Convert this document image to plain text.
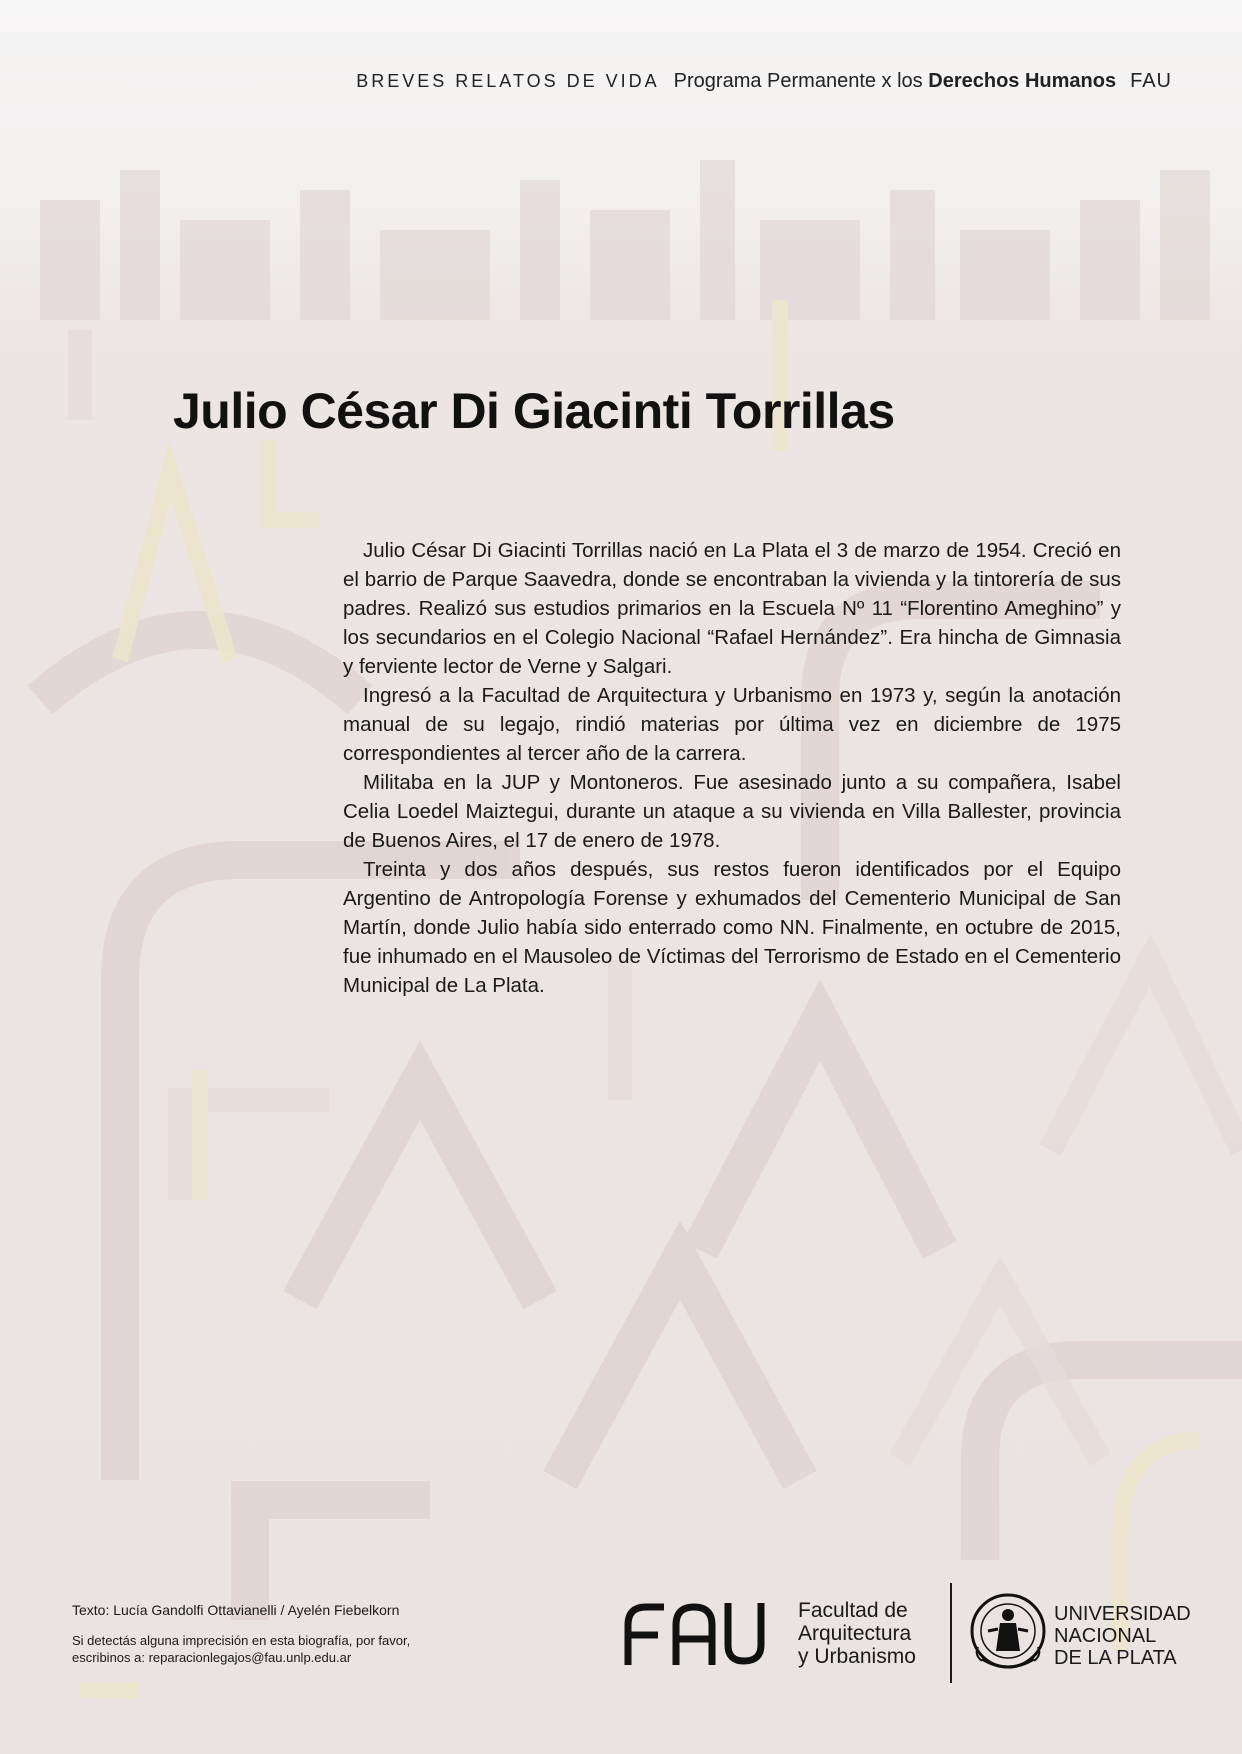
BREVES RELATOS DE VIDA Programa Permanente x los Derechos Humanos FAU
Julio César Di Giacinti Torrillas

Julio César Di Giacinti Torrillas nació en La Plata el 3 de marzo de 1954. Creció en el barrio de Parque Saavedra, donde se encontraban la vivienda y la tintorería de sus padres. Realizó sus estudios primarios en la Escuela Nº 11 “Florentino Ameghino” y los secundarios en el Colegio Nacional “Rafael Hernández”. Era hincha de Gimnasia y ferviente lector de Verne y Salgari.

Ingresó a la Facultad de Arquitectura y Urbanismo en 1973 y, según la anotación manual de su legajo, rindió materias por última vez en diciembre de 1975 correspondientes al tercer año de la carrera.

Militaba en la JUP y Montoneros. Fue asesinado junto a su compañera, Isabel Celia Loedel Maiztegui, durante un ataque a su vivienda en Villa Ballester, provincia de Buenos Aires, el 17 de enero de 1978.

Treinta y dos años después, sus restos fueron identificados por el Equipo Argentino de Antropología Forense y exhumados del Cementerio Municipal de San Martín, donde Julio había sido enterrado como NN. Finalmente, en octubre de 2015, fue inhumado en el Mausoleo de Víctimas del Terrorismo de Estado en el Cementerio Municipal de La Plata.

Texto: Lucía Gandolfi Ottavianelli / Ayelén Fiebelkorn

Si detectás alguna imprecisión en esta biografía, por favor,
escribinos a: reparacionlegajos@fau.unlp.edu.ar

Facultad de
Arquitectura
y Urbanismo
UNIVERSIDAD
NACIONAL
DE LA PLATA
